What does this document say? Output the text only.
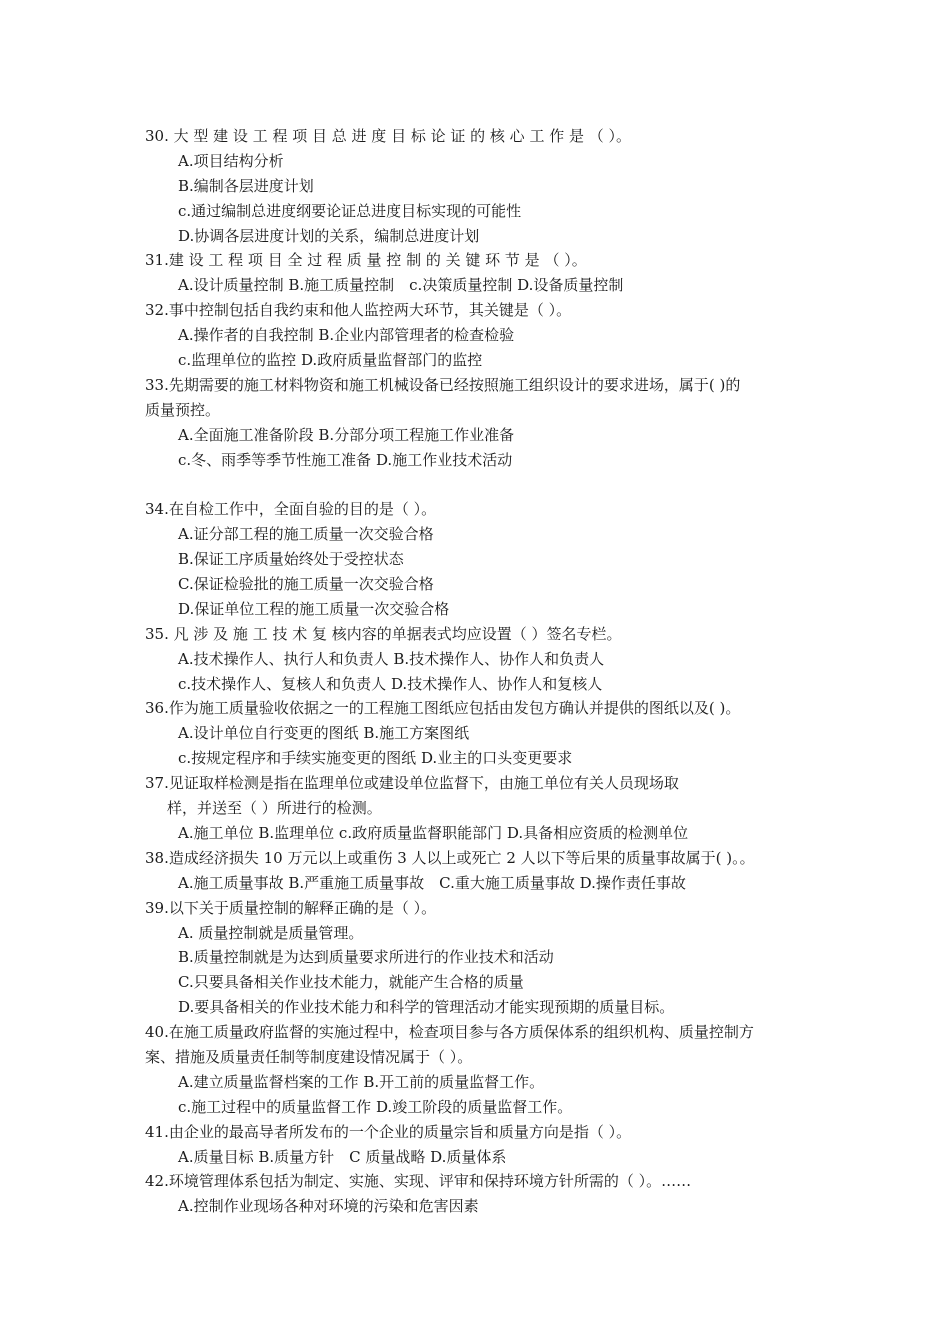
30. 大 型 建 设 工 程 项 目 总 进 度 目 标 论 证 的 核 心 工 作 是 （ ）。
A.项目结构分析
B.编制各层进度计划
c.通过编制总进度纲要论证总进度目标实现的可能性
D.协调各层进度计划的关系，编制总进度计划
31.建 设 工 程 项 目 全 过 程 质 量 控 制 的 关 键 环 节 是 （ ）。
A.设计质量控制 B.施工质量控制　c.决策质量控制 D.设备质量控制
32.事中控制包括自我约束和他人监控两大环节，其关键是（ ）。
A.操作者的自我控制 B.企业内部管理者的检查检验
c.监理单位的监控 D.政府质量监督部门的监控
33.先期需要的施工材料物资和施工机械设备已经按照施工组织设计的要求进场，属于( )的
质量预控。
A.全面施工准备阶段 B.分部分项工程施工作业准备
c.冬、雨季等季节性施工准备 D.施工作业技术活动
34.在自检工作中，全面自验的目的是（ ）。
A.证分部工程的施工质量一次交验合格
B.保证工序质量始终处于受控状态
C.保证检验批的施工质量一次交验合格
D.保证单位工程的施工质量一次交验合格
35. 凡 涉 及 施 工 技 术 复 核内容的单据表式均应设置（ ）签名专栏。
A.技术操作人、执行人和负责人 B.技术操作人、协作人和负责人
c.技术操作人、复核人和负责人 D.技术操作人、协作人和复核人
36.作为施工质量验收依据之一的工程施工图纸应包括由发包方确认并提供的图纸以及( )。
A.设计单位自行变更的图纸 B.施工方案图纸
c.按规定程序和手续实施变更的图纸 D.业主的口头变更要求
37.见证取样检测是指在监理单位或建设单位监督下，由施工单位有关人员现场取
样，并送至（ ）所进行的检测。
A.施工单位 B.监理单位 c.政府质量监督职能部门 D.具备相应资质的检测单位
38.造成经济损失 10 万元以上或重伤 3 人以上或死亡 2 人以下等后果的质量事故属于( )。。
A.施工质量事故 B.严重施工质量事故　C.重大施工质量事故 D.操作责任事故
39.以下关于质量控制的解释正确的是（ ）。
A. 质量控制就是质量管理。
B.质量控制就是为达到质量要求所进行的作业技术和活动
C.只要具备相关作业技术能力，就能产生合格的质量
D.要具备相关的作业技术能力和科学的管理活动才能实现预期的质量目标。
40.在施工质量政府监督的实施过程中，检查项目参与各方质保体系的组织机构、质量控制方
案、措施及质量责任制等制度建设情况属于（ ）。
A.建立质量监督档案的工作 B.开工前的质量监督工作。
c.施工过程中的质量监督工作 D.竣工阶段的质量监督工作。
41.由企业的最高导者所发布的一个企业的质量宗旨和质量方向是指（ ）。
A.质量目标 B.质量方针　C 质量战略 D.质量体系
42.环境管理体系包括为制定、实施、实现、评审和保持环境方针所需的（ ）。……
A.控制作业现场各种对环境的污染和危害因素
